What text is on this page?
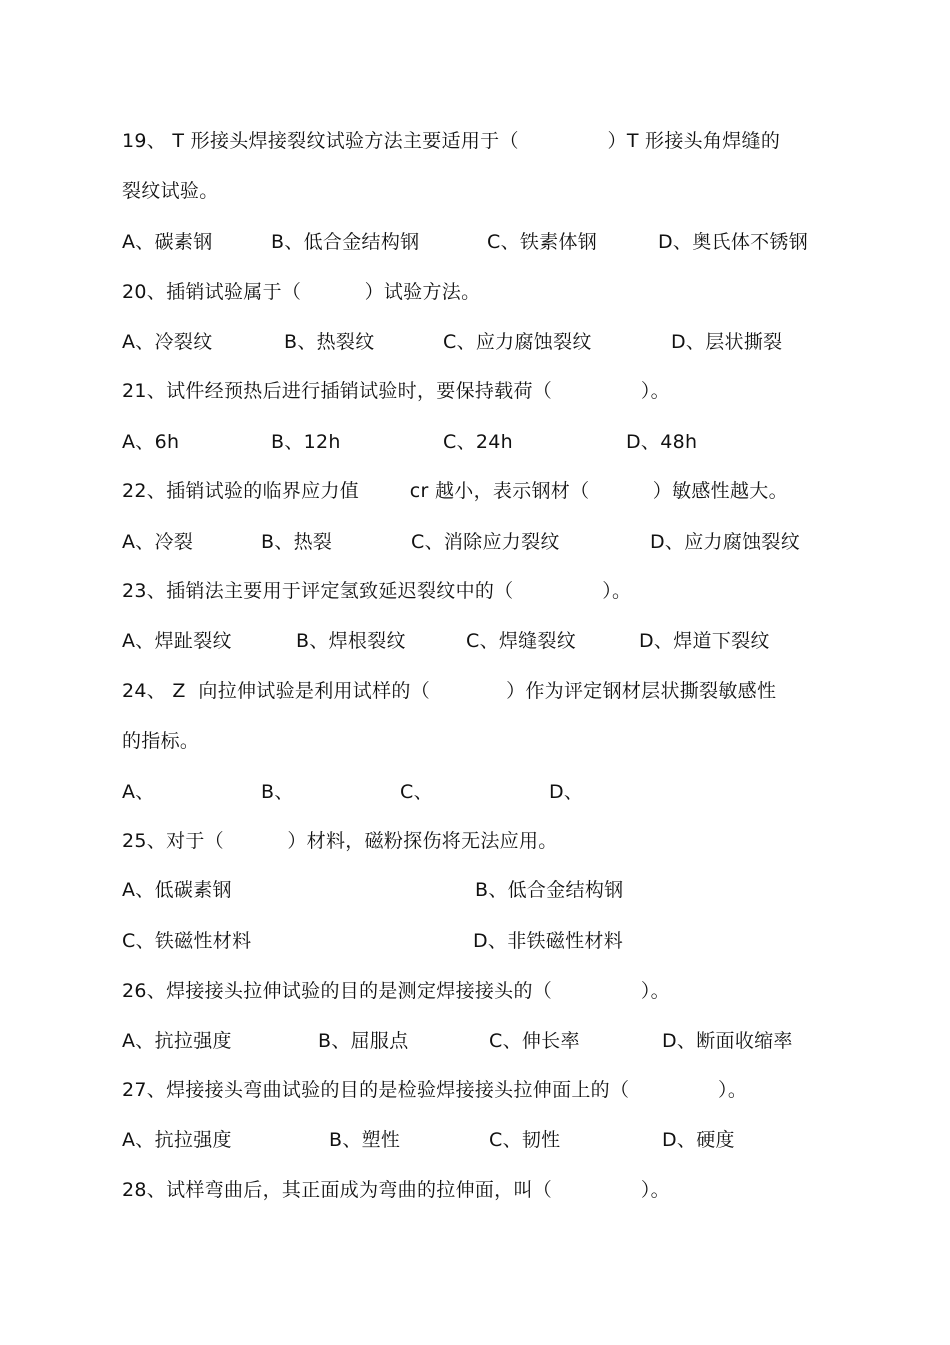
19、 T 形接头焊接裂纹试验方法主要适用于（              ）T 形接头角焊缝的
裂纹试验。
A、碳素钢	B、低合金结构钢	C、铁素体钢	D、奥氏体不锈钢
20、插销试验属于（          ）试验方法。
A、冷裂纹	B、热裂纹	C、应力腐蚀裂纹	D、层状撕裂
21、试件经预热后进行插销试验时，要保持载荷（              ）。
A、6h	B、12h	C、24h	D、48h
22、插销试验的临界应力值        cr 越小，表示钢材（          ）敏感性越大。
A、冷裂	B、热裂	C、消除应力裂纹	D、应力腐蚀裂纹
23、插销法主要用于评定氢致延迟裂纹中的（              ）。
A、焊趾裂纹	B、焊根裂纹	C、焊缝裂纹	D、焊道下裂纹
24、 Z  向拉伸试验是利用试样的（            ）作为评定钢材层状撕裂敏感性
的指标。
A、	B、	C、	D、
25、对于（          ）材料，磁粉探伤将无法应用。
A、低碳素钢	B、低合金结构钢
C、铁磁性材料	D、非铁磁性材料
26、焊接接头拉伸试验的目的是测定焊接接头的（              ）。
A、抗拉强度	B、屈服点	C、伸长率	D、断面收缩率
27、焊接接头弯曲试验的目的是检验焊接接头拉伸面上的（              ）。
A、抗拉强度	B、塑性	C、韧性	D、硬度
28、试样弯曲后，其正面成为弯曲的拉伸面，叫（              ）。
